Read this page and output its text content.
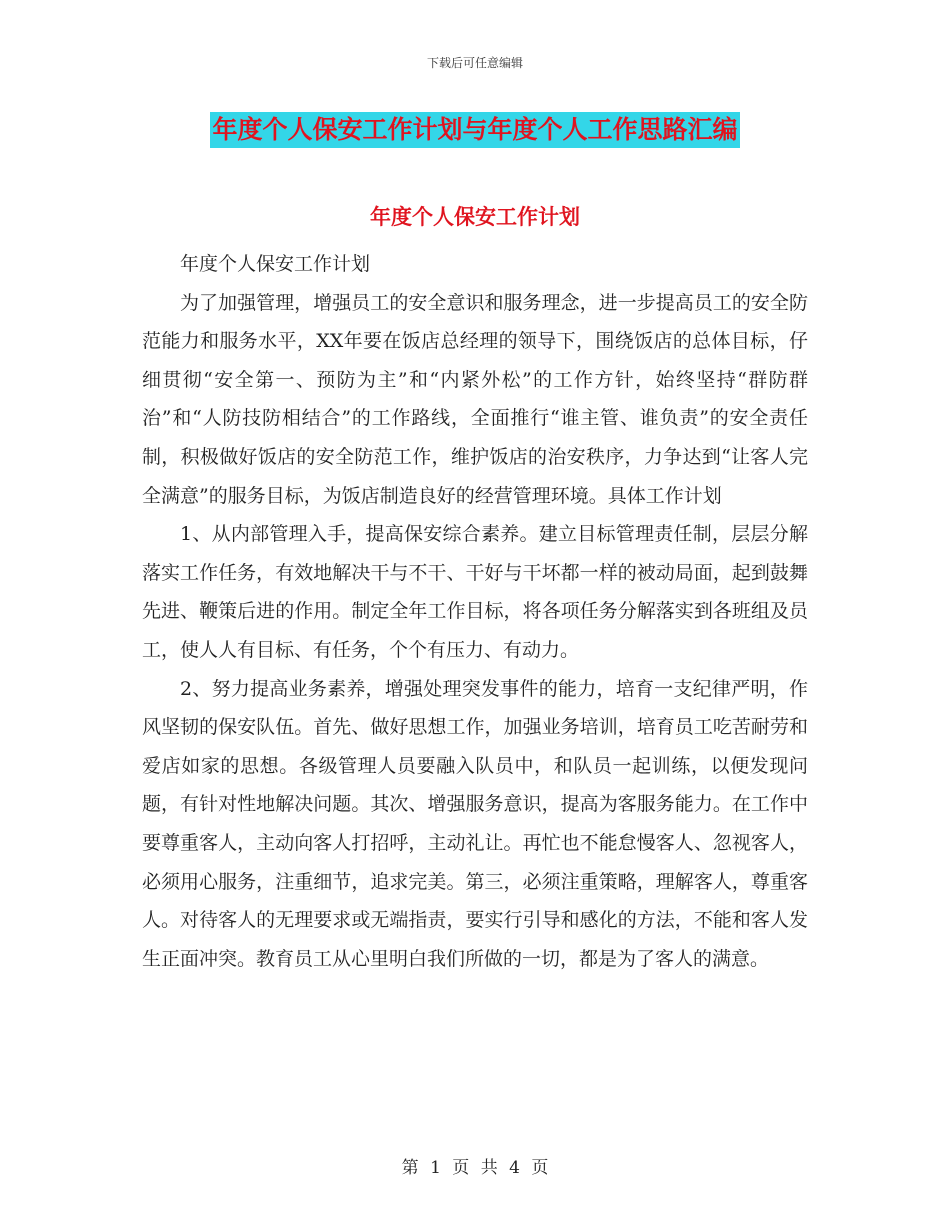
下载后可任意编辑
年度个人保安工作计划与年度个人工作思路汇编
年度个人保安工作计划

年度个人保安工作计划

为了加强管理，增强员工的安全意识和服务理念，进一步提高员工的安全防范能力和服务水平，XX年要在饭店总经理的领导下，围绕饭店的总体目标，仔细贯彻“安全第一、预防为主”和“内紧外松”的工作方针，始终坚持“群防群治”和“人防技防相结合”的工作路线，全面推行“谁主管、谁负责”的安全责任制，积极做好饭店的安全防范工作，维护饭店的治安秩序，力争达到“让客人完全满意”的服务目标，为饭店制造良好的经营管理环境。具体工作计划

1、从内部管理入手，提高保安综合素养。建立目标管理责任制，层层分解落实工作任务，有效地解决干与不干、干好与干坏都一样的被动局面，起到鼓舞先进、鞭策后进的作用。制定全年工作目标，将各项任务分解落实到各班组及员工，使人人有目标、有任务，个个有压力、有动力。

2、努力提高业务素养，增强处理突发事件的能力，培育一支纪律严明，作风坚韧的保安队伍。首先、做好思想工作，加强业务培训，培育员工吃苦耐劳和爱店如家的思想。各级管理人员要融入队员中，和队员一起训练，以便发现问题，有针对性地解决问题。其次、增强服务意识，提高为客服务能力。在工作中要尊重客人，主动向客人打招呼，主动礼让。再忙也不能怠慢客人、忽视客人，必须用心服务，注重细节，追求完美。第三，必须注重策略，理解客人，尊重客人。对待客人的无理要求或无端指责，要实行引导和感化的方法，不能和客人发生正面冲突。教育员工从心里明白我们所做的一切，都是为了客人的满意。

第 1 页 共 4 页
